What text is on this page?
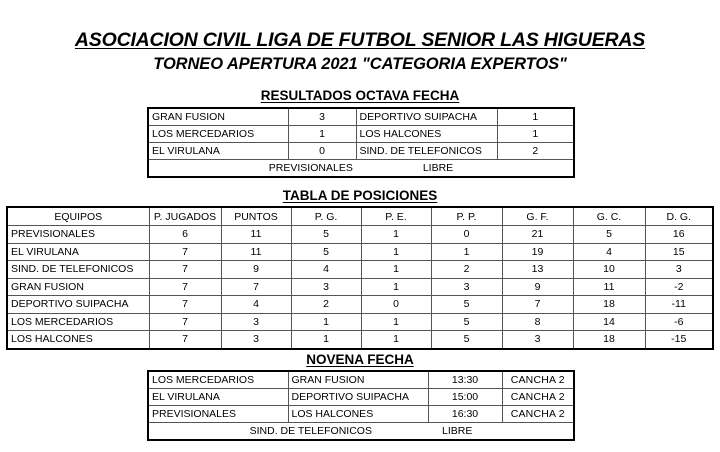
ASOCIACION CIVIL LIGA DE FUTBOL SENIOR LAS HIGUERAS
TORNEO APERTURA 2021 "CATEGORIA EXPERTOS"
RESULTADOS OCTAVA FECHA
GRAN FUSION	3	DEPORTIVO SUIPACHA	1
LOS MERCEDARIOS	1	LOS HALCONES	1
EL VIRULANA	0	SIND. DE TELEFONICOS	2

PREVISIONALES LIBRE			
TABLA DE POSICIONES
EQUIPOS	P. JUGADOS	PUNTOS	P. G.	P. E.	P. P.	G. F.	G. C.	D. G.
PREVISIONALES	6	11	5	1	0	21	5	16
EL VIRULANA	7	11	5	1	1	19	4	15
SIND. DE TELEFONICOS	7	9	4	1	2	13	10	3
GRAN FUSION	7	7	3	1	3	9	11	-2
DEPORTIVO SUIPACHA	7	4	2	0	5	7	18	-11
LOS MERCEDARIOS	7	3	1	1	5	8	14	-6
LOS HALCONES	7	3	1	1	5	3	18	-15
NOVENA FECHA
LOS MERCEDARIOS	GRAN FUSION	13:30	CANCHA 2
EL VIRULANA	DEPORTIVO SUIPACHA	15:00	CANCHA 2
PREVISIONALES	LOS HALCONES	16:30	CANCHA 2

SIND. DE TELEFONICOS LIBRE			
